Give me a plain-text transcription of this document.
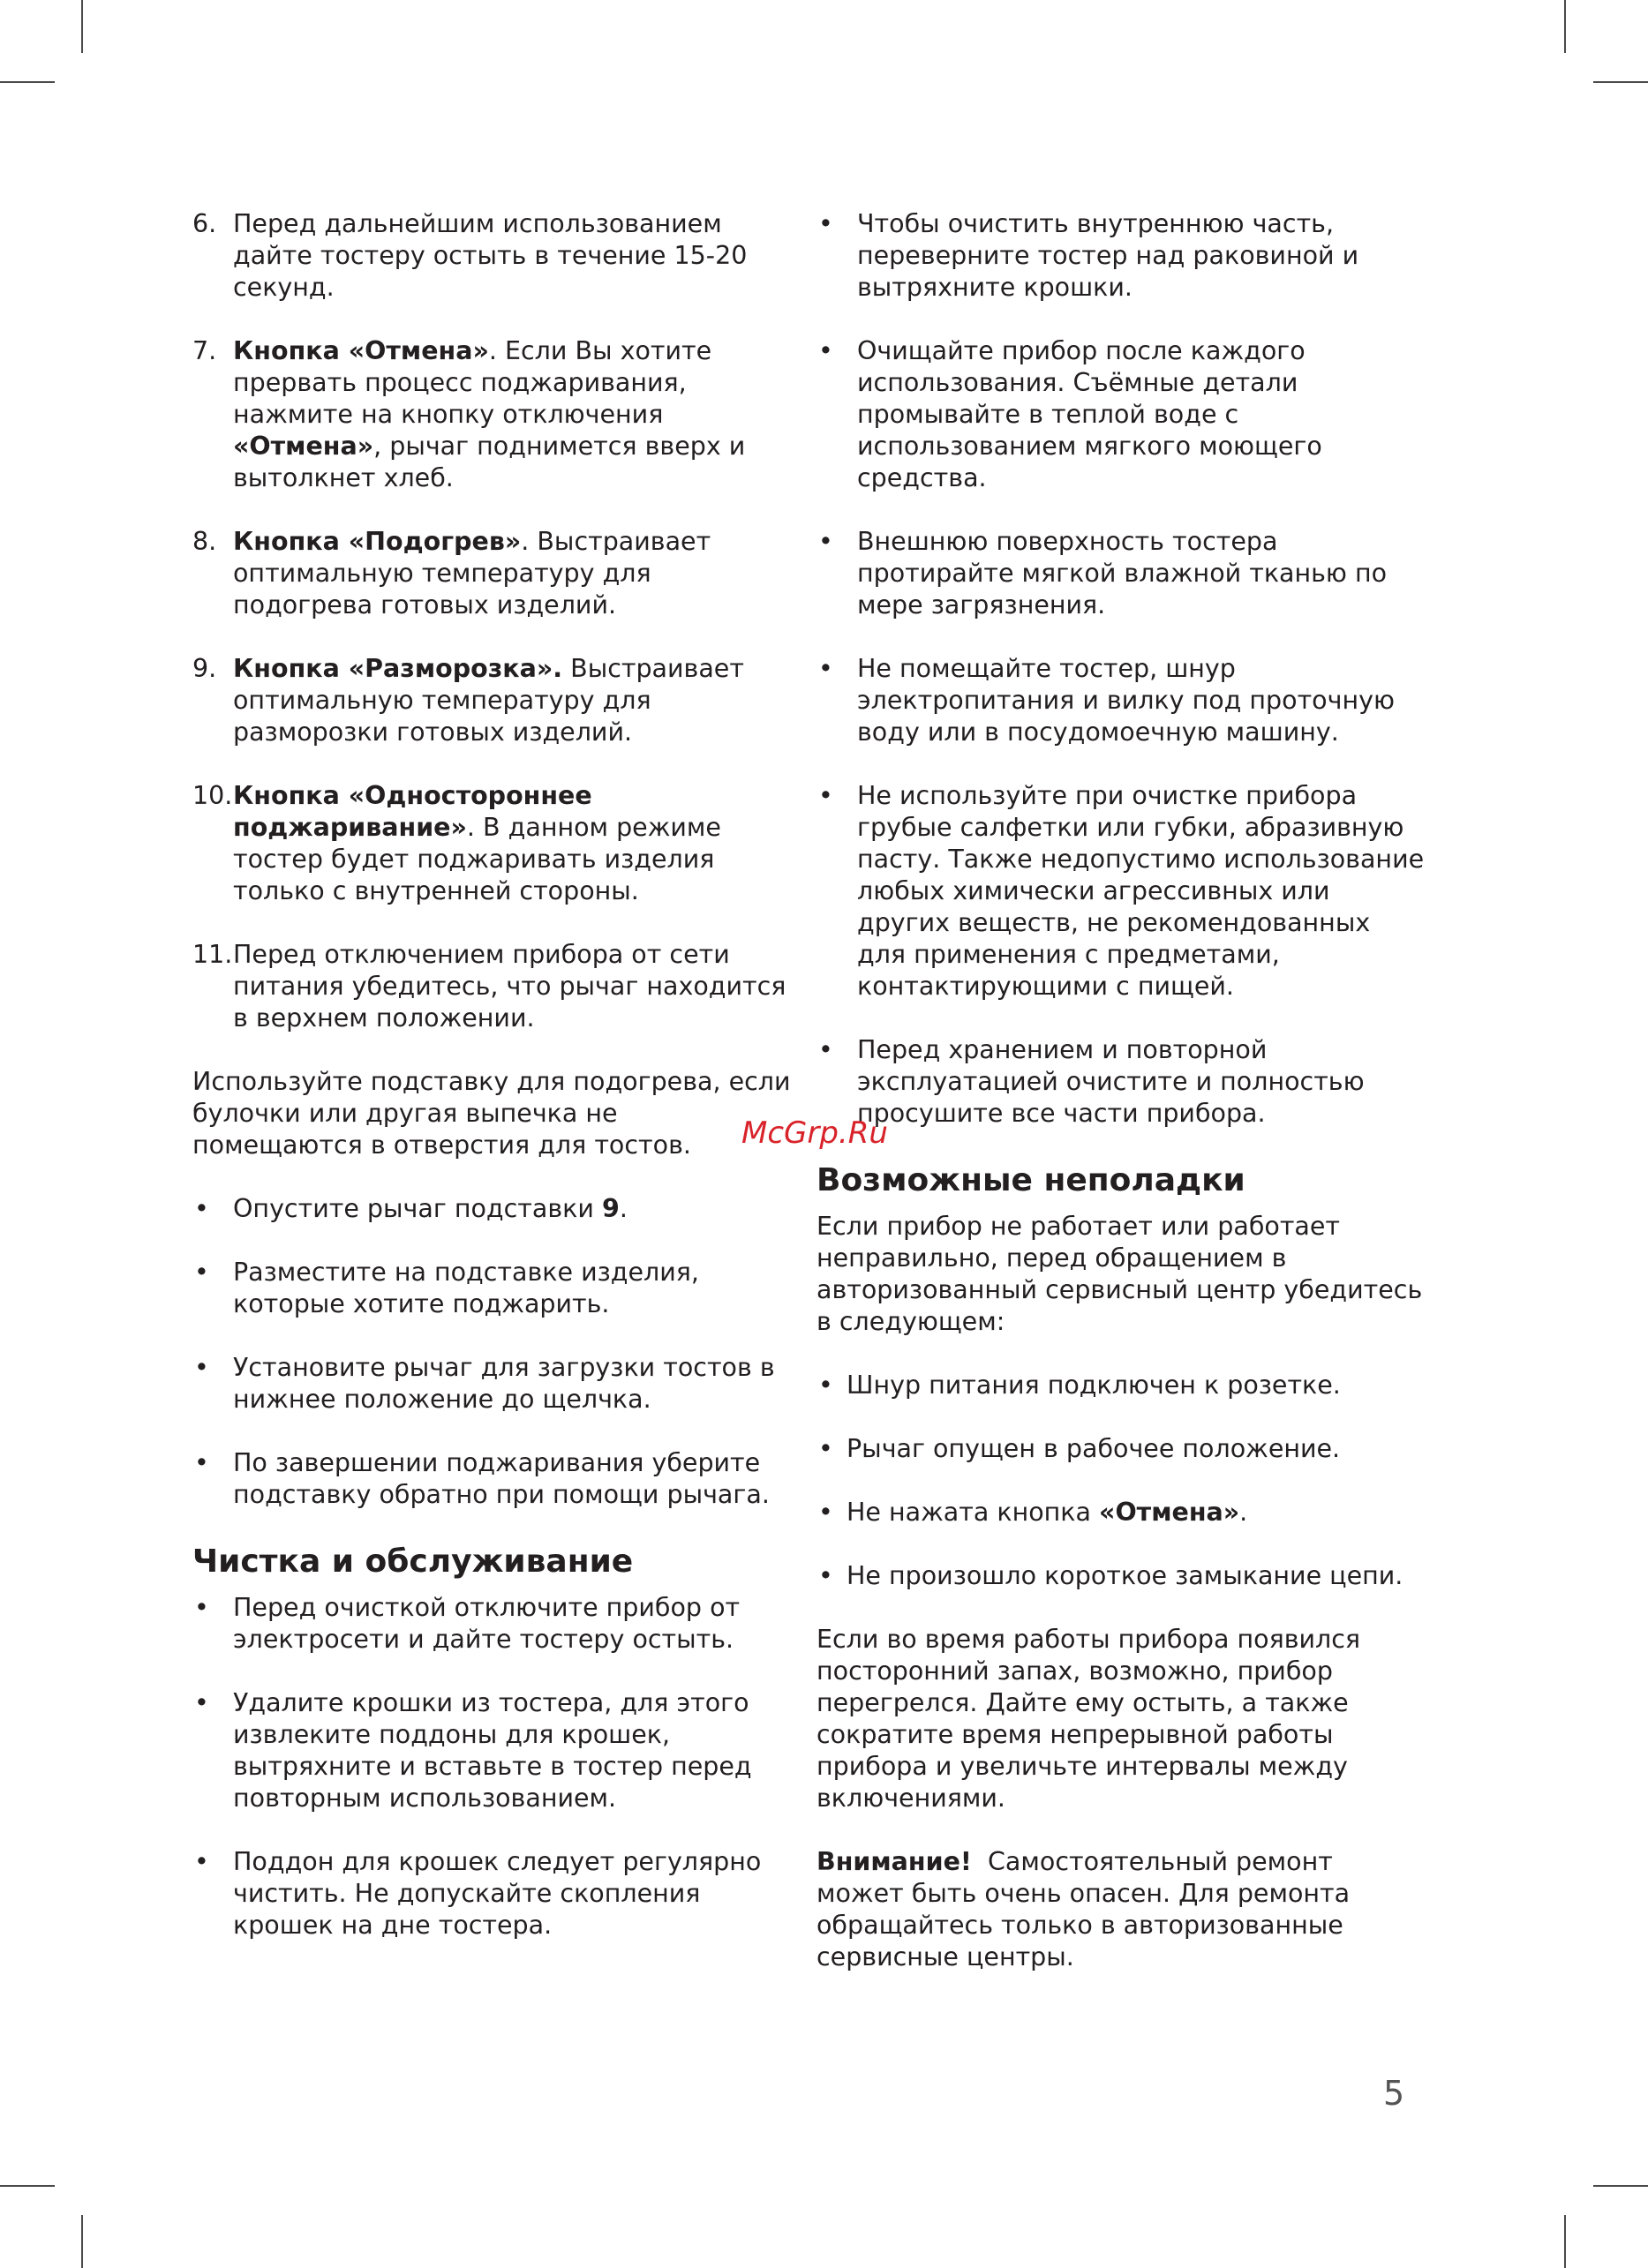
6. Перед дальнейшим использованием дайте тостеру остыть в течение 15-20 секунд.
7. Кнопка «Отмена». Если Вы хотите прервать процесс поджаривания, нажмите на кнопку отключения «Отмена», рычаг поднимется вверх и вытолкнет хлеб.
8. Кнопка «Подогрев». Выстраивает оптимальную температуру для подогрева готовых изделий.
9. Кнопка «Разморозка». Выстраивает оптимальную температуру для разморозки готовых изделий.
10. Кнопка «Одностороннее поджаривание». В данном режиме тостер будет поджаривать изделия только с внутренней стороны.
11. Перед отключением прибора от сети питания убедитесь, что рычаг находится в верхнем положении.

Используйте подставку для подогрева, если булочки или другая выпечка не помещаются в отверстия для тостов.

• Опустите рычаг подставки 9.
• Разместите на подставке изделия, которые хотите поджарить.
• Установите рычаг для загрузки тостов в нижнее положение до щелчка.
• По завершении поджаривания уберите подставку обратно при помощи рычага.
Чистка и обслуживание
• Перед очисткой отключите прибор от электросети и дайте тостеру остыть.
• Удалите крошки из тостера, для этого извлеките поддоны для крошек, вытряхните и вставьте в тостер перед повторным использованием.
• Поддон для крошек следует регулярно чистить. Не допускайте скопления крошек на дне тостера.
• Чтобы очистить внутреннюю часть, переверните тостер над раковиной и вытряхните крошки.
• Очищайте прибор после каждого использования. Съёмные детали промывайте в теплой воде с использованием мягкого моющего средства.
• Внешнюю поверхность тостера протирайте мягкой влажной тканью по мере загрязнения.
• Не помещайте тостер, шнур электропитания и вилку под проточную воду или в посудомоечную машину.
• Не используйте при очистке прибора грубые салфетки или губки, абразивную пасту. Также недопустимо использование любых химически агрессивных или других веществ, не рекомендованных для применения с предметами, контактирующими с пищей.
• Перед хранением и повторной эксплуатацией очистите и полностью просушите все части прибора.
Возможные неполадки

Если прибор не работает или работает неправильно, перед обращением в авторизованный сервисный центр убедитесь в следующем:

• Шнур питания подключен к розетке.
• Рычаг опущен в рабочее положение.
• Не нажата кнопка «Отмена».
• Не произошло короткое замыкание цепи.

Если во время работы прибора появился посторонний запах, возможно, прибор перегрелся. Дайте ему остыть, а также сократите время непрерывной работы прибора и увеличьте интервалы между включениями.

Внимание!  Самостоятельный ремонт может быть очень опасен. Для ремонта обращайтесь только в авторизованные сервисные центры.

McGrp.Ru
5
